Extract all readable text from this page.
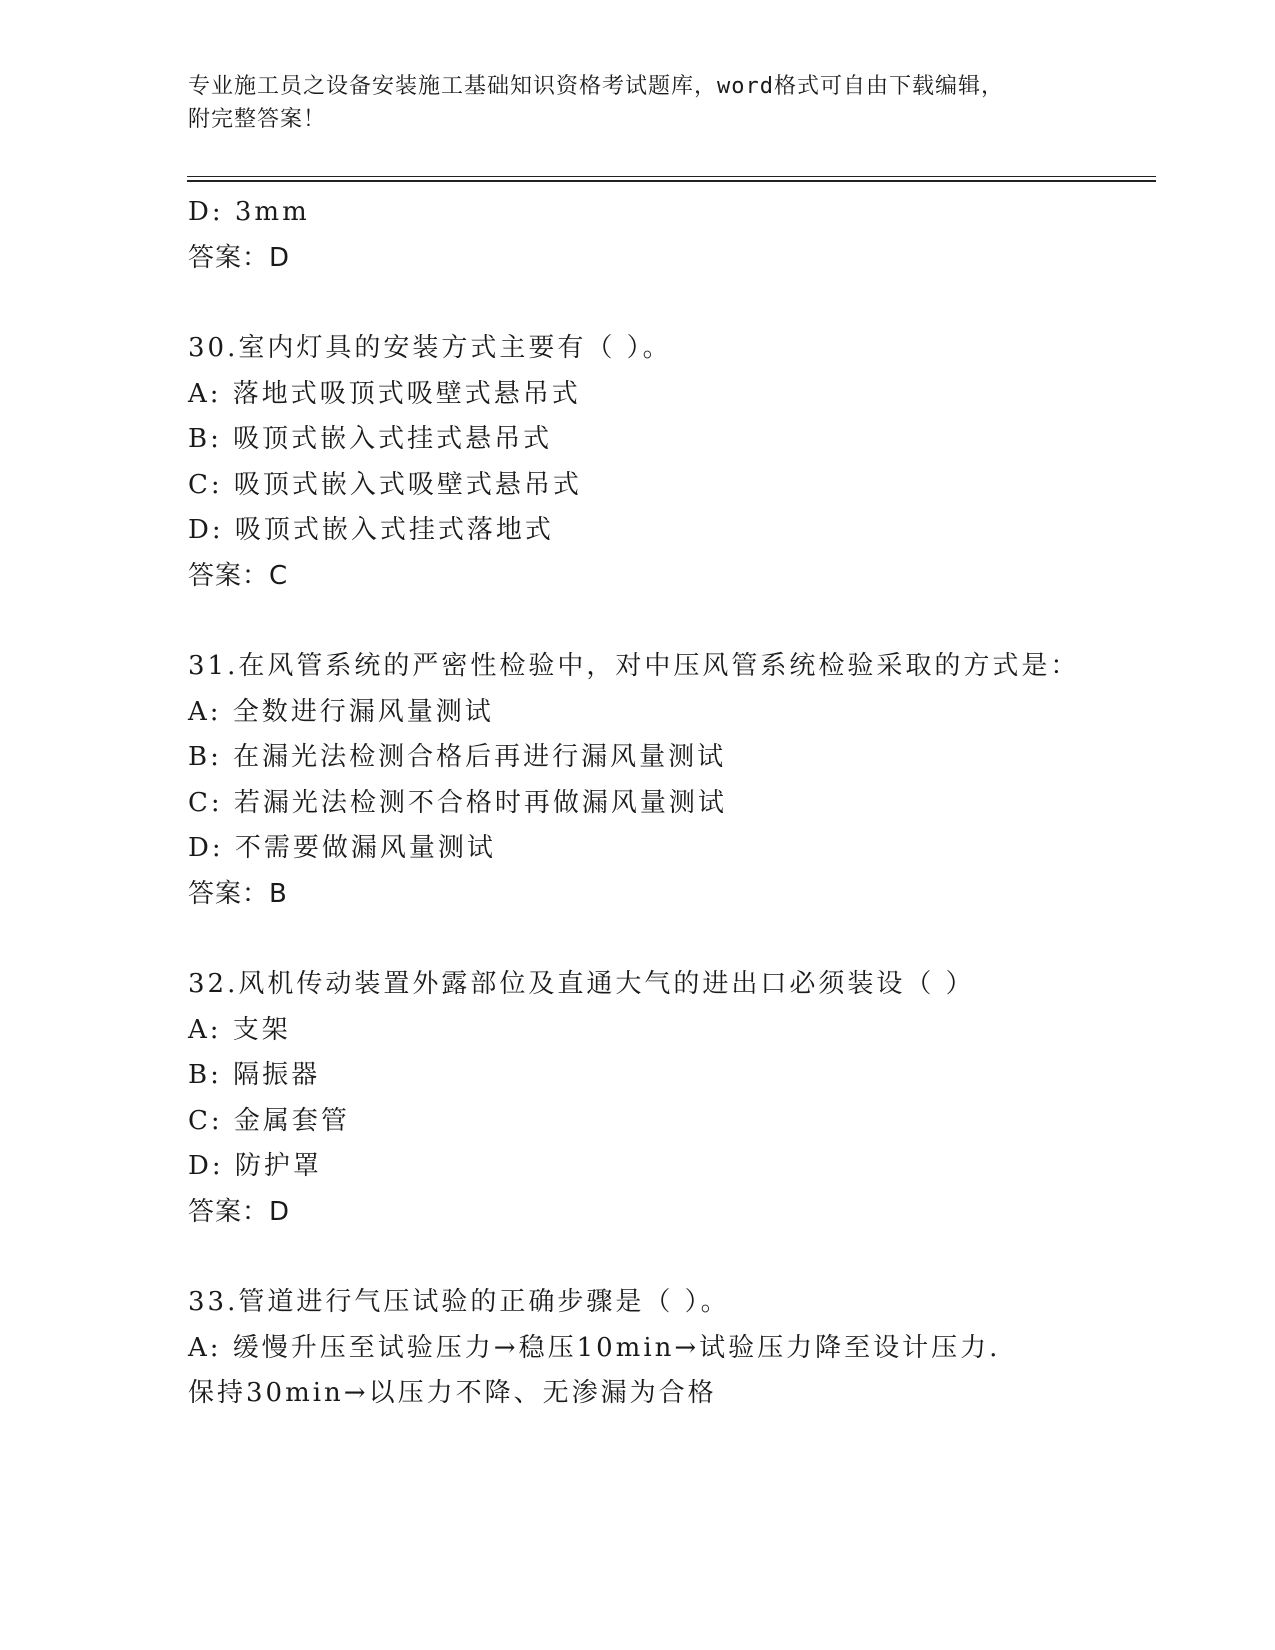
专业施工员之设备安装施工基础知识资格考试题库，word格式可自由下载编辑，
附完整答案！
D: 3mm
答案：D
30.室内灯具的安装方式主要有（ ）。
A: 落地式吸顶式吸壁式悬吊式
B: 吸顶式嵌入式挂式悬吊式
C: 吸顶式嵌入式吸壁式悬吊式
D: 吸顶式嵌入式挂式落地式
答案：C
31.在风管系统的严密性检验中，对中压风管系统检验采取的方式是：
A: 全数进行漏风量测试
B: 在漏光法检测合格后再进行漏风量测试
C: 若漏光法检测不合格时再做漏风量测试
D: 不需要做漏风量测试
答案：B
32.风机传动装置外露部位及直通大气的进出口必须装设（ ）
A: 支架
B: 隔振器
C: 金属套管
D: 防护罩
答案：D
33.管道进行气压试验的正确步骤是（ ）。
A: 缓慢升压至试验压力→稳压10min→试验压力降至设计压力.保持30min→以压力不降、无渗漏为合格
